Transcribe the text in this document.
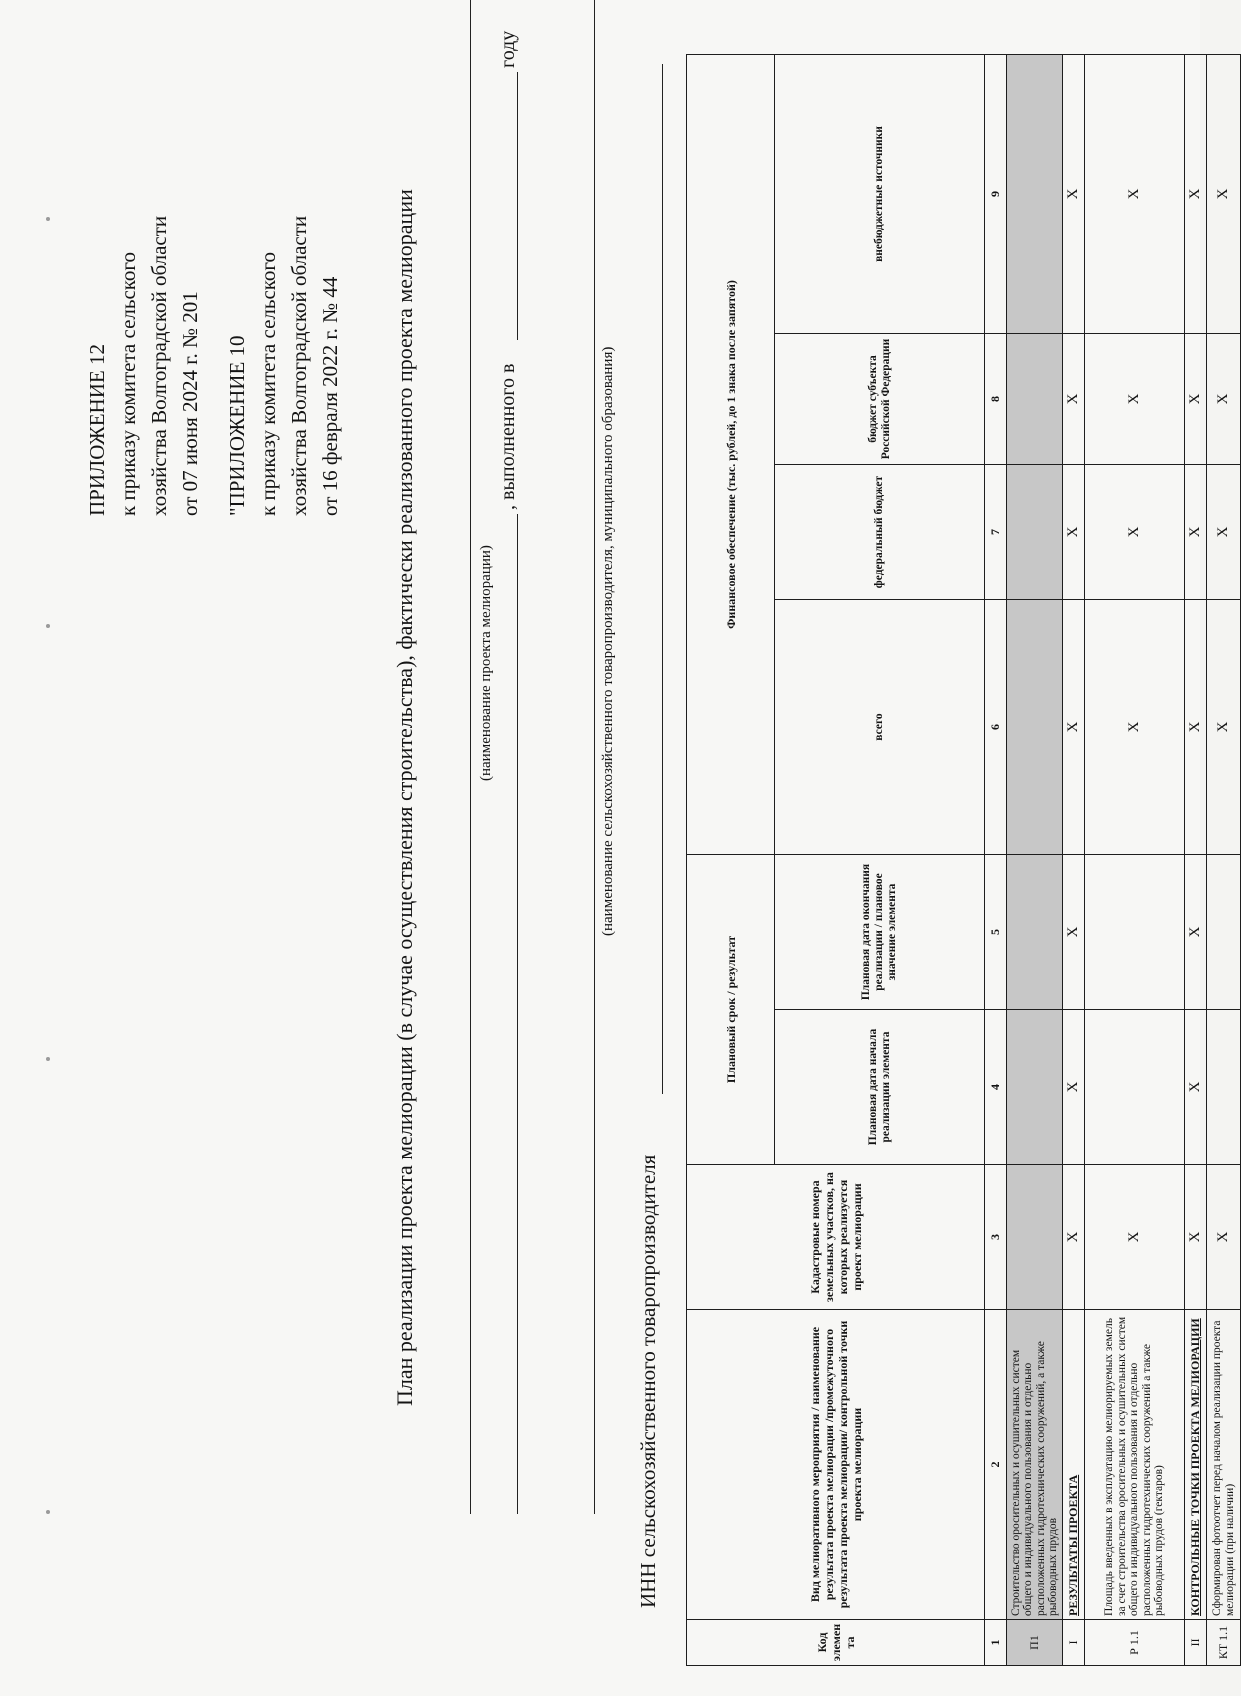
ПРИЛОЖЕНИЕ 12 к приказу комитета сельского хозяйства Волгоградской области от 07 июня 2024 г. № 201 "ПРИЛОЖЕНИЕ 10 к приказу комитета сельского хозяйства Волгоградской области от 16 февраля 2022 г. № 44 План реализации проекта мелиорации (в случае осуществления строительства), фактически реализованного проекта мелиорации	(наименование проекта мелиорации)
, выполненного в
году
(наименование сельскохозяйственного товаропроизводителя, муниципального образования)
ИНН сельскохозяйственного товаропроизводителя
Код элемен та	Вид мелиоративного мероприятия / наименование результата проекта мелиорации /промежуточного результата проекта мелиорации/ контрольной точки проекта мелиорации	Кадастровые номера земельных участков, на которых реализуется проект мелиорации	Плановый срок / результат		Финансовое обеспечение (тыс. рублей, до 1 знака после запятой)			
			Плановая дата начала реализации элемента	Плановая дата окончания реализации / плановое значение элемента	всего	федеральный бюджет	бюджет субъекта Российской Федерации	внебюджетные источники
1	2	3	4	5	6	7	8	9
П1	Строительство оросительных и осушительных систем общего и индивидуального пользования и отдельно расположенных гидротехнических сооружений, а также рыбоводных прудов							
I	РЕЗУЛЬТАТЫ ПРОЕКТА	X	X	X	X	X	X	X
Р 1.1	Площадь введенных в эксплуатацию мелиорируемых земель за счет строительства оросительных и осушительных систем общего и индивидуального пользования и отдельно расположенных гидротехнических сооружений а также рыбоводных прудов (гектаров)	X			X	X	X	X
II	КОНТРОЛЬНЫЕ ТОЧКИ ПРОЕКТА МЕЛИОРАЦИИ	X	X	X	X	X	X	X
КТ 1.1	Сформирован фотоотчет перед началом реализации проекта мелиорации (при наличии)	X			X	X	X	X
